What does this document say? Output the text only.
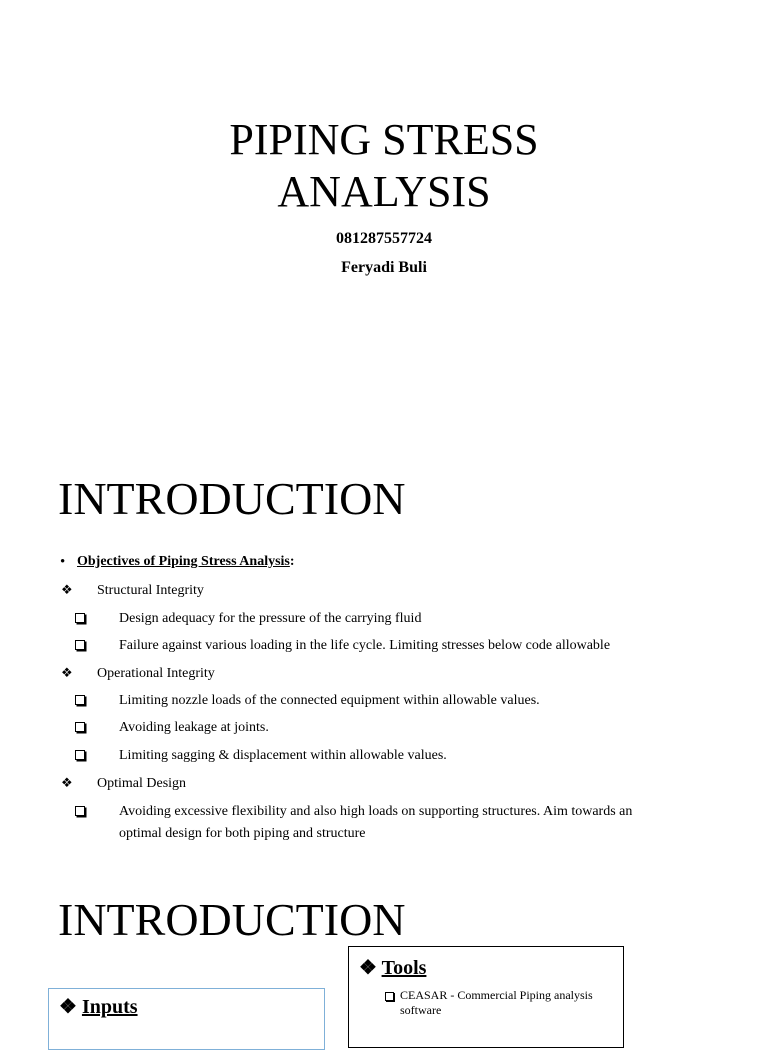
PIPING STRESS
ANALYSIS
081287557724
Feryadi Buli
INTRODUCTION
• Objectives of Piping Stress Analysis:
❖ Structural Integrity
Design adequacy for the pressure of the carrying fluid
Failure against various loading in the life cycle. Limiting stresses below code allowable
❖ Operational Integrity
Limiting nozzle loads of the connected equipment within allowable values.
Avoiding leakage at joints.
Limiting sagging & displacement within allowable values.
❖ Optimal Design
Avoiding excessive flexibility and also high loads on supporting structures. Aim towards an
optimal design for both piping and structure
INTRODUCTION
❖ Tools
CEASAR - Commercial Piping analysis software
❖ Inputs
